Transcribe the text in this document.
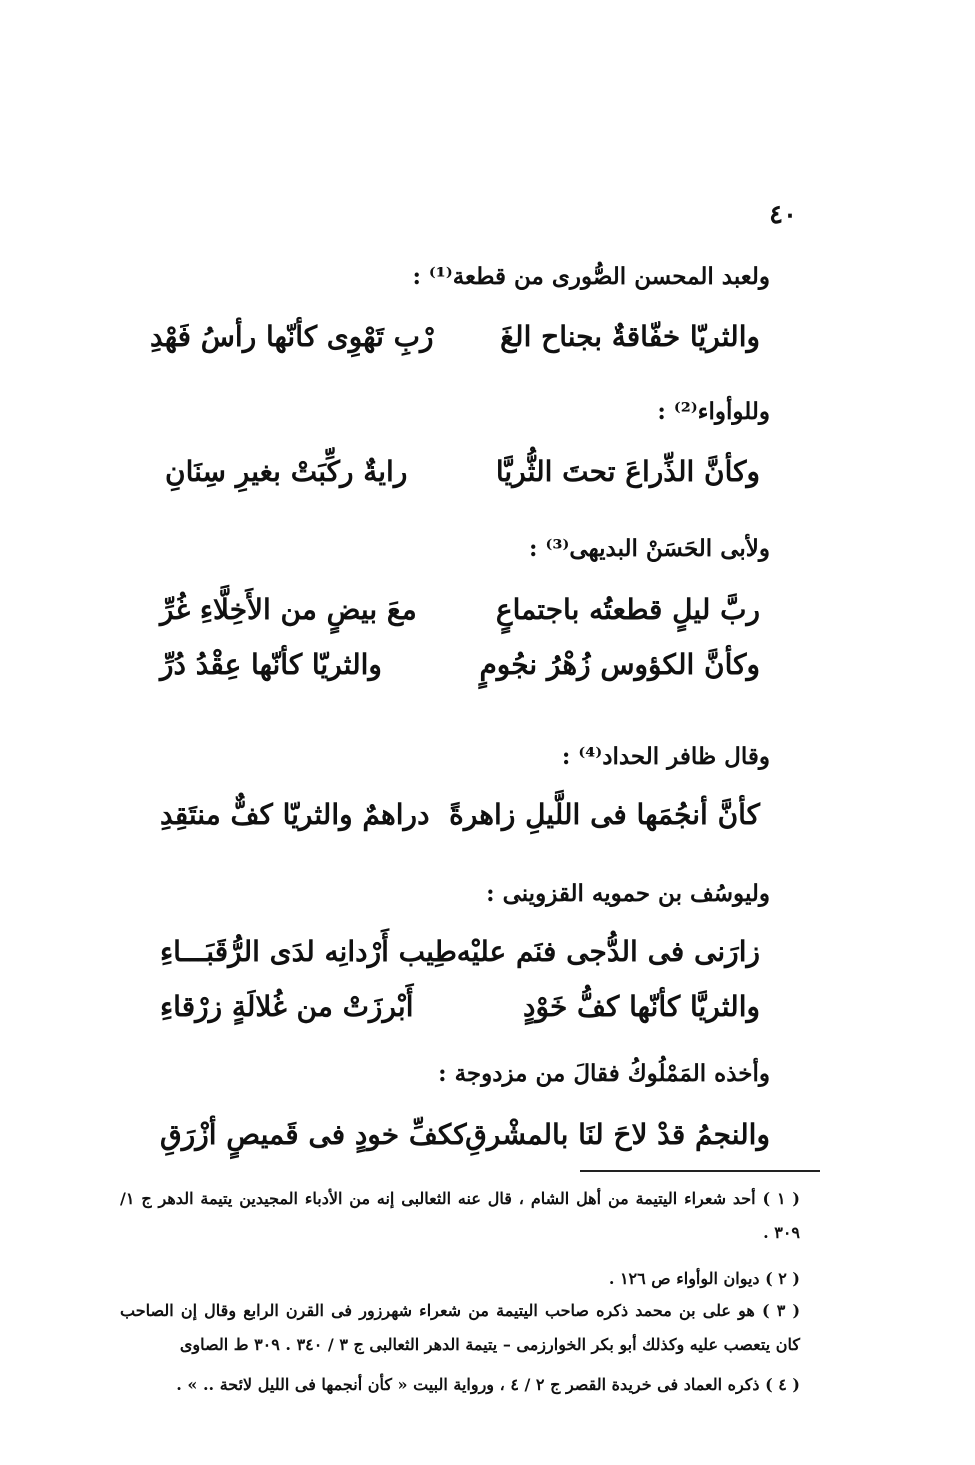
٤٠
ولعبد المحسن الصُّورى من قطعة⁽¹⁾ :
والثريّا خفّاقةٌ بجناح الغَ
رْبِ تَهْوِى كأنّها رأسُ فَهْدِ
وللوأواء⁽²⁾ :
وكأنَّ الذِّراعَ تحتَ الثُّريَّا
رايةٌ ركِّبَتْ بغيرِ سِنَانِ
ولأبى الحَسَنْ البديهى⁽³⁾ :
ربَّ ليلٍ قطعتُه باجتماعٍ
معَ بيضٍ من الأَخِلَّاءِ غُرِّ
وكأنَّ الكؤوس زُهْرُ نجُومٍ
والثريّا كأنّها عِقْدُ دُرِّ
وقال ظافر الحداد⁽⁴⁾ :
كأنَّ أنجُمَها فى اللَّيلِ زاهرةً
دراهمٌ والثريّا كفٌّ منتَقِدِ
وليوسُف بن حمويه القزوينى :
زارَنى فى الدُّجى فنَم عليْه
طِيب أَرْدانِه لدَى الرُّقَبَـــاءِ
والثريَّا كأنّها كفُّ خَوْدٍ
أَبْرزَتْ من غُلالَةٍ زرْقاءِ
وأخذه المَمْلُوكُ فقالَ من مزدوجة :
والنجمُ قدْ لاحَ لنَا بالمشْرقِ
ككفِّ خودٍ فى قَميصٍ أزْرَقِ
( ١ ) أحد شعراء اليتيمة من أهل الشام ، قال عنه الثعالبى إنه من الأدباء المجيدين يتيمة الدهر ج ١/ ٣٠٩ .
( ٢ ) ديوان الوأواء ص ١٢٦ .
( ٣ ) هو على بن محمد ذكره صاحب اليتيمة من شعراء شهرزور فى القرن الرابع وقال إن الصاحب كان يتعصب عليه وكذلك أبو بكر الخوارزمى – يتيمة الدهر الثعالبى ج ٣ / ٣٤٠ . ٣٠٩ ط الصاوى
( ٤ ) ذكره العماد فى خريدة القصر ج ٢ / ٤ ، ورواية البيت « كأن أنجمها فى الليل لائحة .. » .
